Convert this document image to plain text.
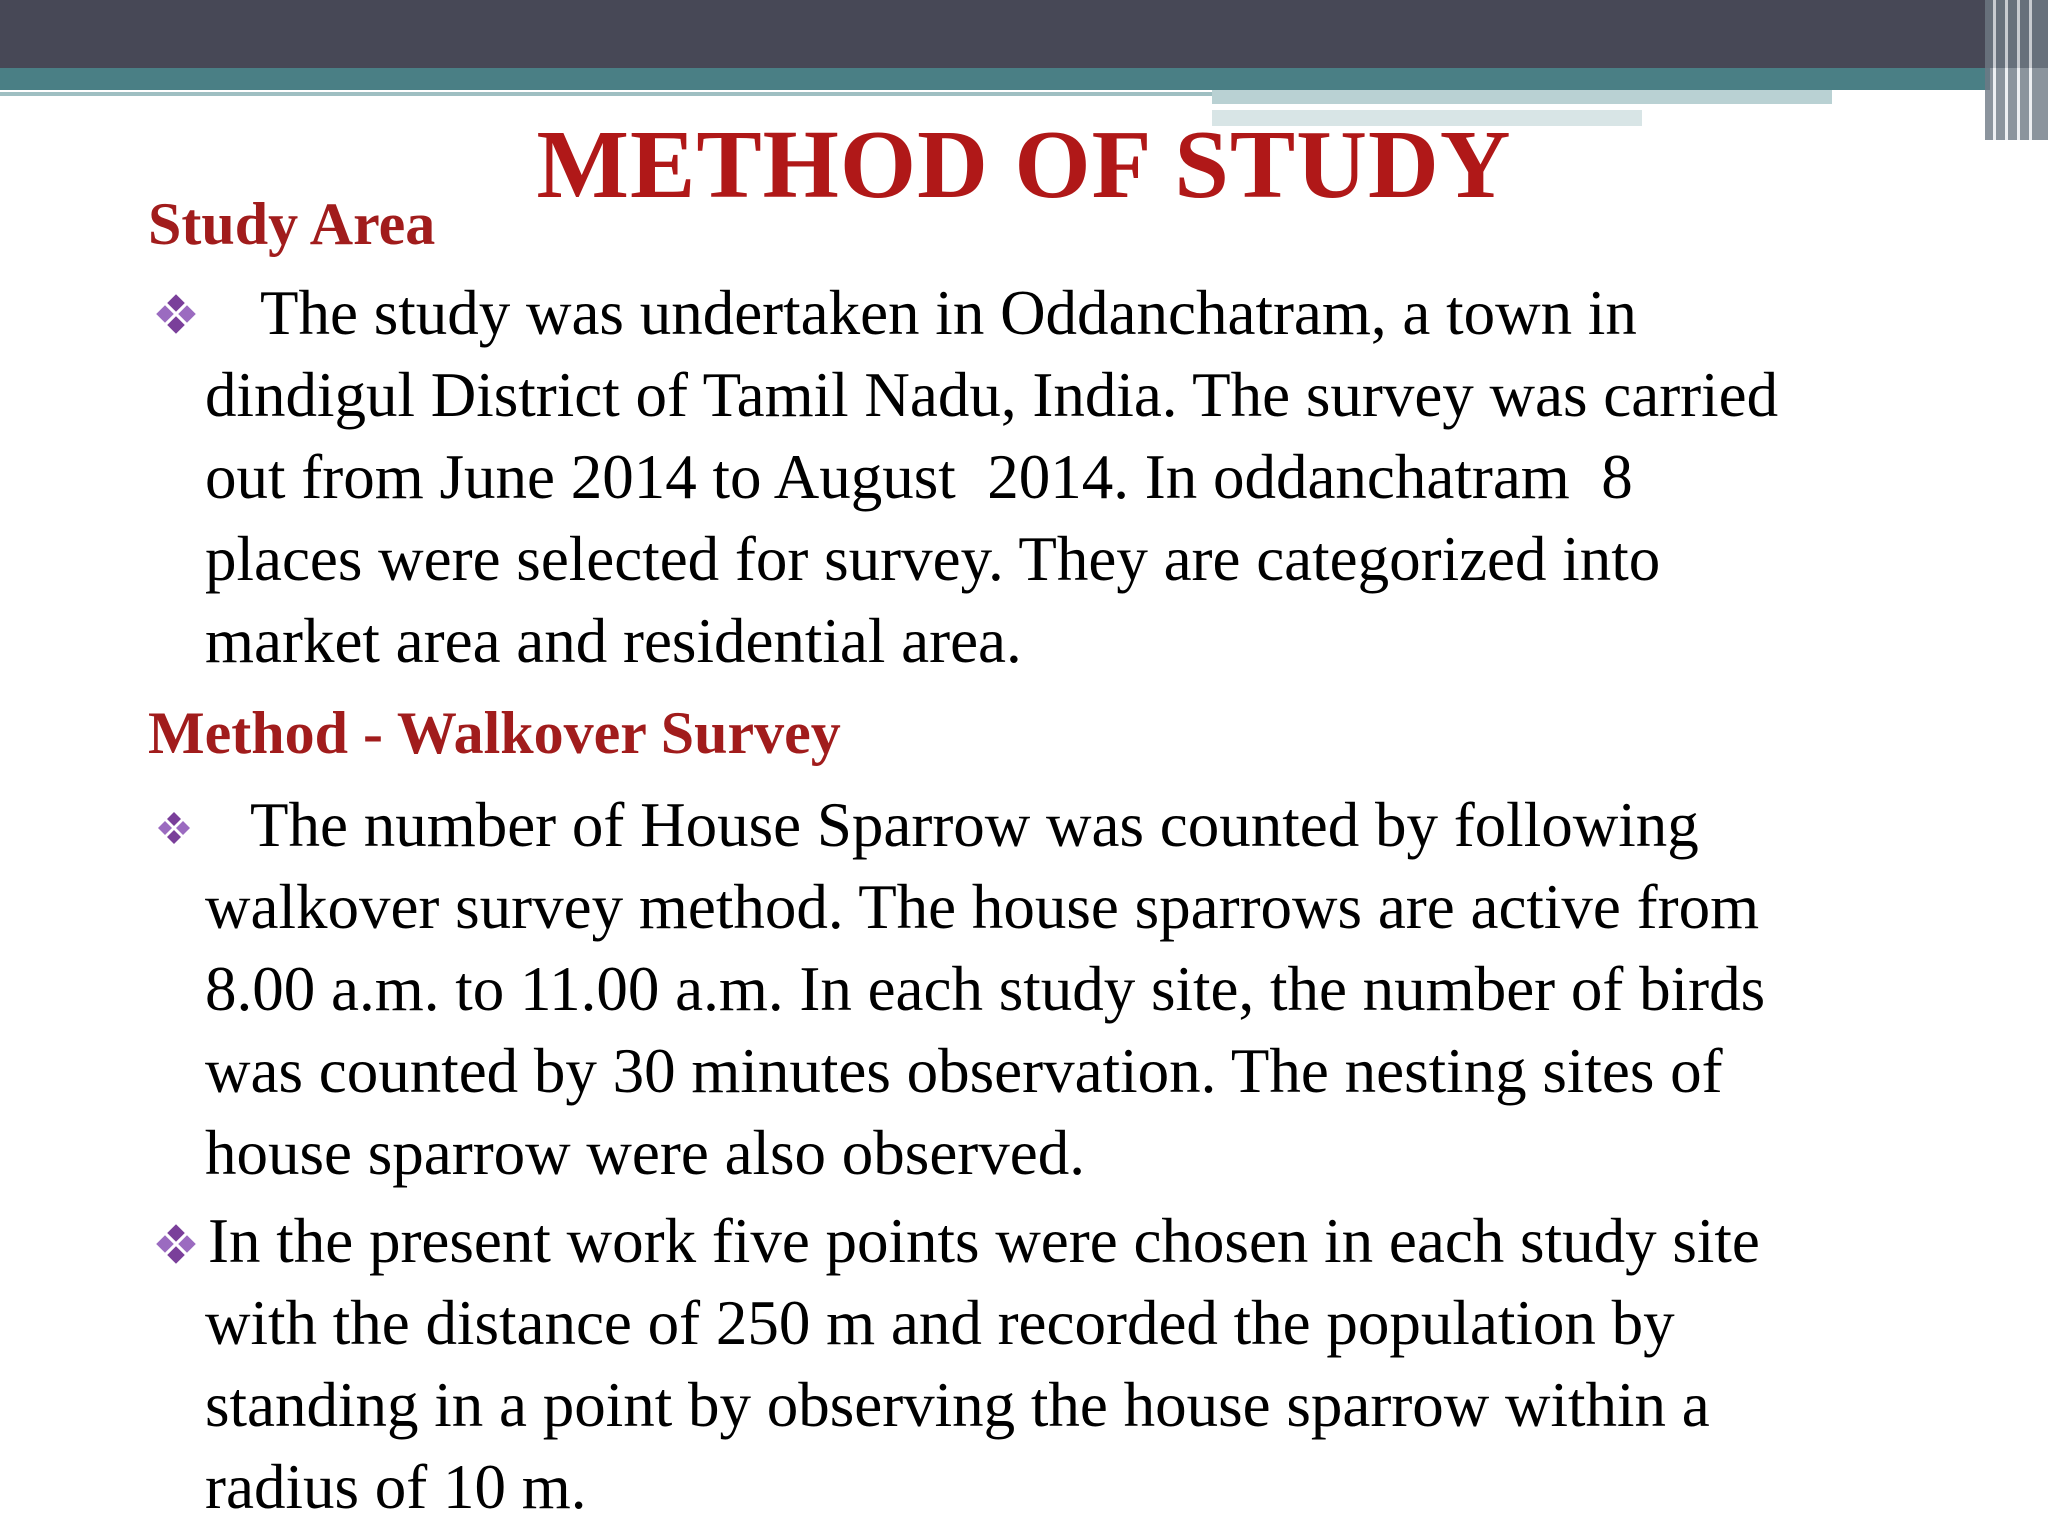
METHOD OF STUDY
Study Area

The study was undertaken in Oddanchatram, a town in

dindigul District of Tamil Nadu, India. The survey was carried

out from June 2014 to August  2014. In oddanchatram  8

places were selected for survey. They are categorized into

market area and residential area.

Method - Walkover Survey

The number of House Sparrow was counted by following

walkover survey method. The house sparrows are active from

8.00 a.m. to 11.00 a.m. In each study site, the number of birds

was counted by 30 minutes observation. The nesting sites of

house sparrow were also observed.

In the present work five points were chosen in each study site

with the distance of 250 m and recorded the population by

standing in a point by observing the house sparrow within a

radius of 10 m.
